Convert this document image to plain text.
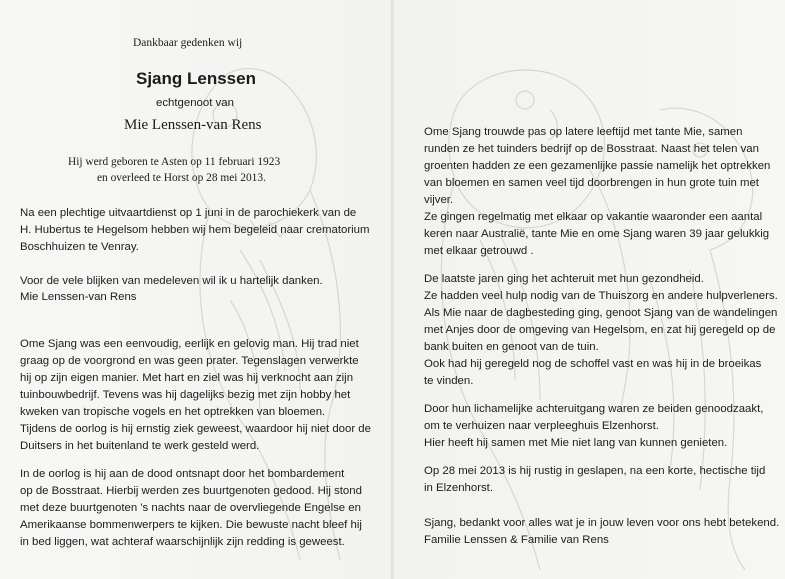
Dankbaar gedenken wij
Sjang Lenssen
echtgenoot van
Mie Lenssen-van Rens
Hij werd geboren te Asten op 11 februari 1923
en overleed te Horst op 28 mei 2013.
Na een plechtige uitvaartdienst op 1 juni in de parochiekerk van de
H. Hubertus te Hegelsom hebben wij hem begeleid naar crematorium
Boschhuizen te Venray.
Voor de vele blijken van medeleven wil ik u hartelijk danken.
Mie Lenssen-van Rens
Ome Sjang was een eenvoudig, eerlijk en gelovig man. Hij trad niet
graag op de voorgrond en was geen prater. Tegenslagen verwerkte
hij op zijn eigen manier. Met hart en ziel was hij verknocht aan zijn
tuinbouwbedrijf. Tevens was hij dagelijks bezig met zijn hobby het
kweken van tropische vogels en het optrekken van bloemen.
Tijdens de oorlog is hij ernstig ziek geweest, waardoor hij niet door de
Duitsers in het buitenland te werk gesteld werd.
In de oorlog is hij aan de dood ontsnapt door het bombardement
op de Bosstraat. Hierbij werden zes buurtgenoten gedood. Hij stond
met deze buurtgenoten 's nachts naar de overvliegende Engelse en
Amerikaanse bommenwerpers te kijken. Die bewuste nacht bleef hij
in bed liggen, wat achteraf waarschijnlijk zijn redding is geweest.
Ome Sjang trouwde pas op latere leeftijd met tante Mie, samen
runden ze het tuinders bedrijf op de Bosstraat. Naast het telen van
groenten hadden ze een gezamenlijke passie namelijk het optrekken
van bloemen en samen veel tijd doorbrengen in hun grote tuin met
vijver.
Ze gingen regelmatig met elkaar op vakantie waaronder een aantal
keren naar Australië, tante Mie en ome Sjang waren 39 jaar gelukkig
met elkaar getrouwd .
De laatste jaren ging het achteruit met hun gezondheid.
Ze hadden veel hulp nodig van de Thuiszorg en andere hulpverleners.
Als Mie naar de dagbesteding ging, genoot Sjang van de wandelingen
met Anjes door de omgeving van Hegelsom, en zat hij geregeld op de
bank buiten en genoot van de tuin.
Ook had hij geregeld nog de schoffel vast en was hij in de broeikas
te vinden.
Door hun lichamelijke achteruitgang waren ze beiden genoodzaakt,
om te verhuizen naar verpleeghuis Elzenhorst.
Hier heeft hij samen met Mie niet lang van kunnen genieten.
Op 28 mei 2013 is hij rustig in geslapen, na een korte, hectische tijd
in Elzenhorst.
Sjang, bedankt voor alles wat je in jouw leven voor ons hebt betekend.
Familie Lenssen & Familie van Rens
